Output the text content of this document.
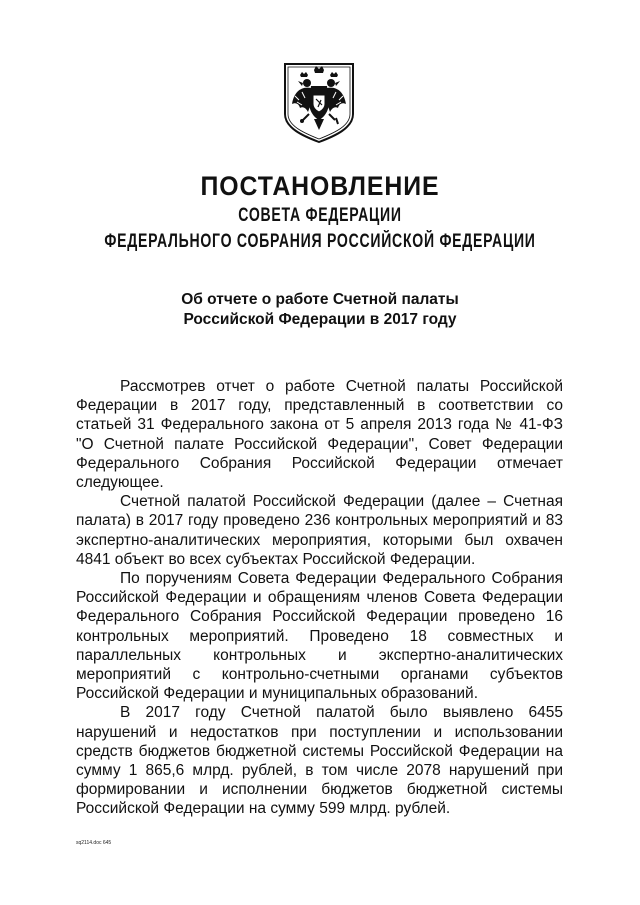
ПОСТАНОВЛЕНИЕ
СОВЕТА ФЕДЕРАЦИИ
ФЕДЕРАЛЬНОГО СОБРАНИЯ РОССИЙСКОЙ ФЕДЕРАЦИИ
Об отчете о работе Счетной палаты
Российской Федерации в 2017 году

Рассмотрев отчет о работе Счетной палаты Российской Федерации в 2017 году, представленный в соответствии со статьей 31 Федерального закона от 5 апреля 2013 года № 41-ФЗ "О Счетной палате Российской Федерации", Совет Федерации Федерального Собрания Российской Федерации отмечает следующее.

Счетной палатой Российской Федерации (далее – Счетная палата) в 2017 году проведено 236 контрольных мероприятий и 83 экспертно-аналитических мероприятия, которыми был охвачен 4841 объект во всех субъектах Российской Федерации.

По поручениям Совета Федерации Федерального Собрания Российской Федерации и обращениям членов Совета Федерации Федерального Собрания Российской Федерации проведено 16 контрольных мероприятий. Проведено 18 совместных и параллельных контрольных и экспертно-аналитических мероприятий с контрольно-счетными органами субъектов Российской Федерации и муниципальных образований.

В 2017 году Счетной палатой было выявлено 6455 нарушений и недостатков при поступлении и использовании средств бюджетов бюджетной системы Российской Федерации на сумму 1 865,6 млрд. рублей, в том числе 2078 нарушений при формировании и исполнении бюджетов бюджетной системы Российской Федерации на сумму 599 млрд. рублей.

sq2114.doc 645
